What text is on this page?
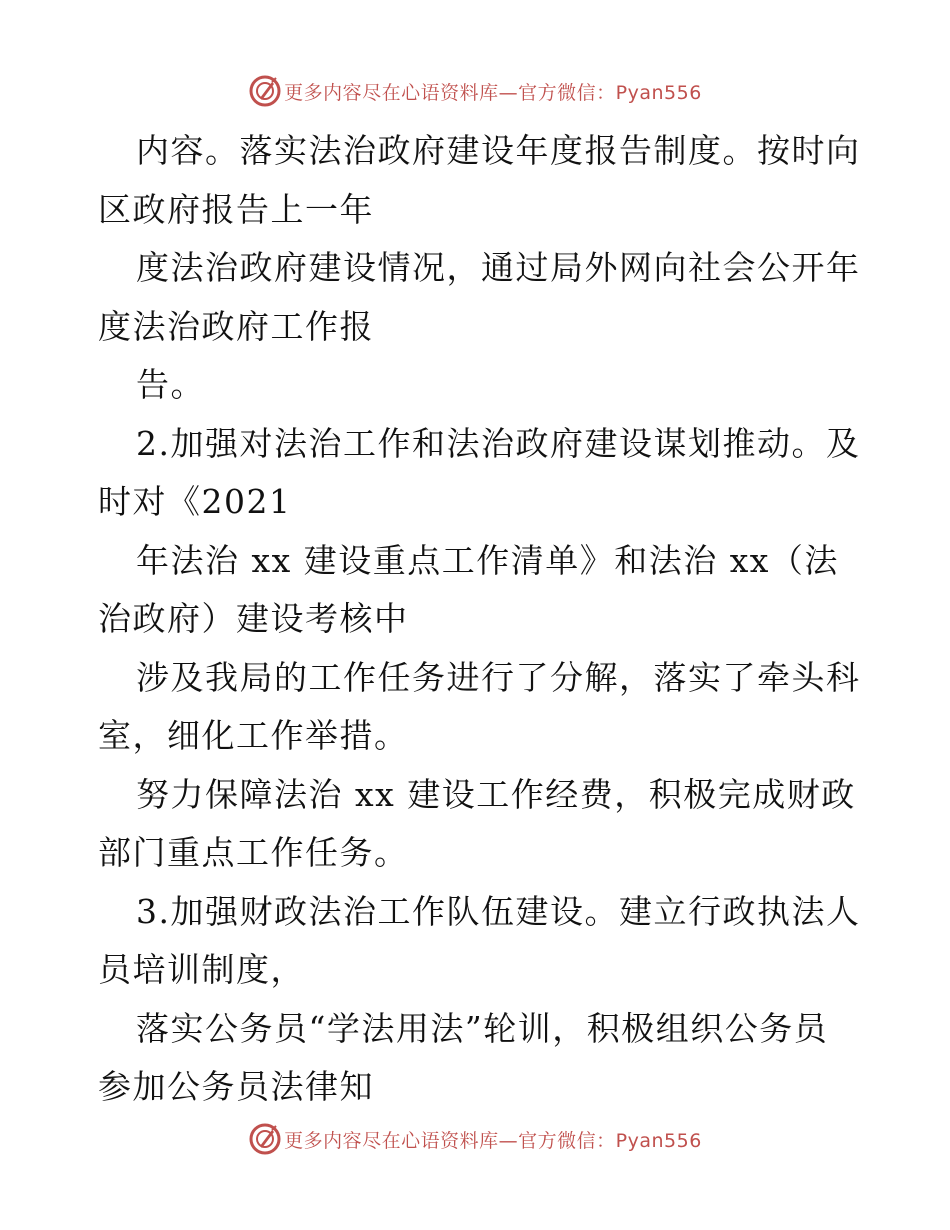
更多内容尽在心语资料库—官方微信：Pyan556
内容。落实法治政府建设年度报告制度。按时向
区政府报告上一年
度法治政府建设情况，通过局外网向社会公开年
度法治政府工作报
告。
2.加强对法治工作和法治政府建设谋划推动。及
时对《2021
年法治 xx 建设重点工作清单》和法治 xx（法
治政府）建设考核中
涉及我局的工作任务进行了分解，落实了牵头科
室，细化工作举措。
努力保障法治 xx 建设工作经费，积极完成财政
部门重点工作任务。
3.加强财政法治工作队伍建设。建立行政执法人
员培训制度，
落实公务员“学法用法”轮训，积极组织公务员
参加公务员法律知
更多内容尽在心语资料库—官方微信：Pyan556
